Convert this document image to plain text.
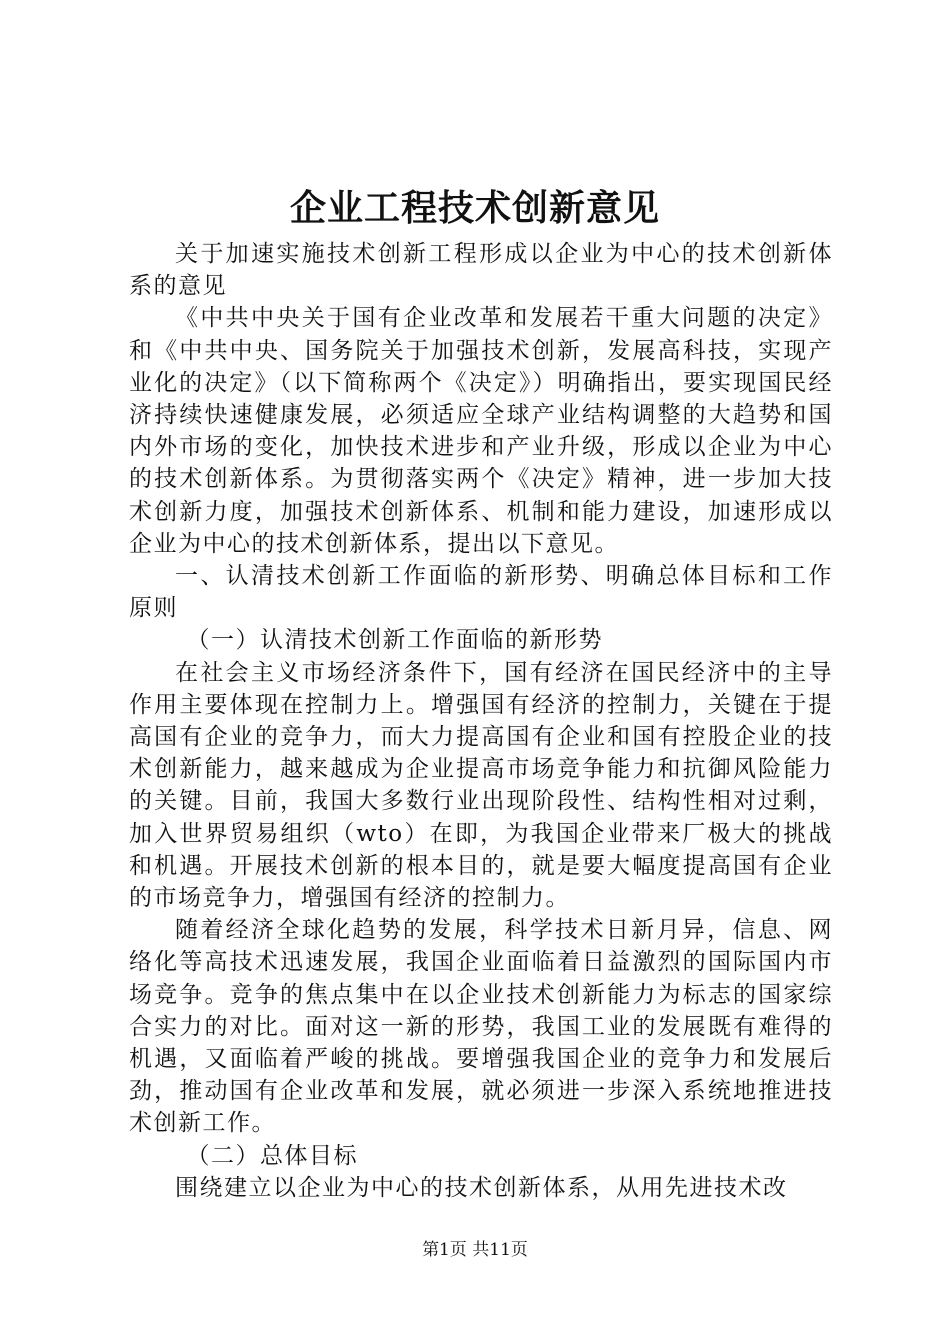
企业工程技术创新意见

关于加速实施技术创新工程形成以企业为中心的技术创新体系的意见

《中共中央关于国有企业改革和发展若干重大问题的决定》和《中共中央、国务院关于加强技术创新，发展高科技，实现产业化的决定》（以下简称两个《决定》）明确指出，要实现国民经济持续快速健康发展，必须适应全球产业结构调整的大趋势和国内外市场的变化，加快技术进步和产业升级，形成以企业为中心的技术创新体系。为贯彻落实两个《决定》精神，进一步加大技术创新力度，加强技术创新体系、机制和能力建设，加速形成以企业为中心的技术创新体系，提出以下意见。

一、认清技术创新工作面临的新形势、明确总体目标和工作原则

（一）认清技术创新工作面临的新形势

在社会主义市场经济条件下，国有经济在国民经济中的主导作用主要体现在控制力上。增强国有经济的控制力，关键在于提高国有企业的竞争力，而大力提高国有企业和国有控股企业的技术创新能力，越来越成为企业提高市场竞争能力和抗御风险能力的关键。目前，我国大多数行业出现阶段性、结构性相对过剩，加入世界贸易组织（wto）在即，为我国企业带来厂极大的挑战和机遇。开展技术创新的根本目的，就是要大幅度提高国有企业的市场竞争力，增强国有经济的控制力。

随着经济全球化趋势的发展，科学技术日新月异，信息、网络化等高技术迅速发展，我国企业面临着日益激烈的国际国内市场竞争。竞争的焦点集中在以企业技术创新能力为标志的国家综合实力的对比。面对这一新的形势，我国工业的发展既有难得的机遇，又面临着严峻的挑战。要增强我国企业的竞争力和发展后劲，推动国有企业改革和发展，就必须进一步深入系统地推进技术创新工作。

（二）总体目标

围绕建立以企业为中心的技术创新体系，从用先进技术改

第1页 共11页
